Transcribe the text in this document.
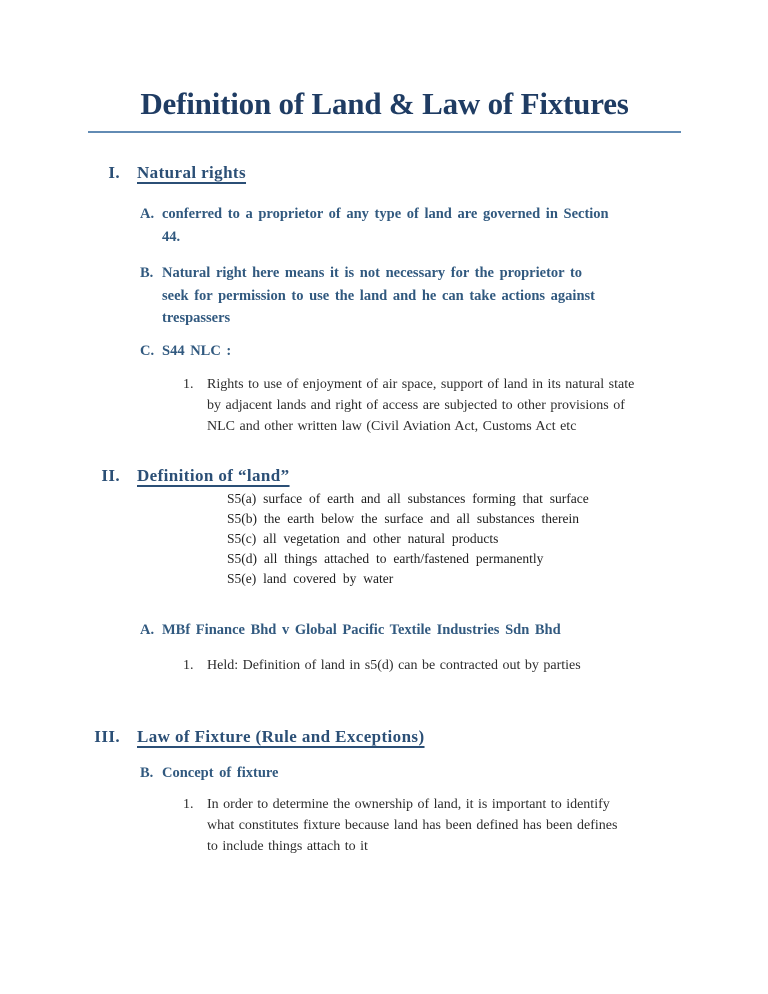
Definition of Land & Law of Fixtures
I. Natural rights
A. conferred to a proprietor of any type of land are governed in Section
44.
B. Natural right here means it is not necessary for the proprietor to
seek for permission to use the land and he can take actions against
trespassers
C. S44 NLC :
1. Rights to use of enjoyment of air space, support of land in its natural state
by adjacent lands and right of access are subjected to other provisions of
NLC and other written law (Civil Aviation Act, Customs Act etc
II. Definition of “land”
S5(a) surface of earth and all substances forming that surface
S5(b) the earth below the surface and all substances therein
S5(c) all vegetation and other natural products
S5(d) all things attached to earth/fastened permanently
S5(e) land covered by water
A. MBf Finance Bhd v Global Pacific Textile Industries Sdn Bhd
1. Held: Definition of land in s5(d) can be contracted out by parties
III. Law of Fixture (Rule and Exceptions)
B. Concept of fixture
1. In order to determine the ownership of land, it is important to identify
what constitutes fixture because land has been defined has been defines
to include things attach to it
